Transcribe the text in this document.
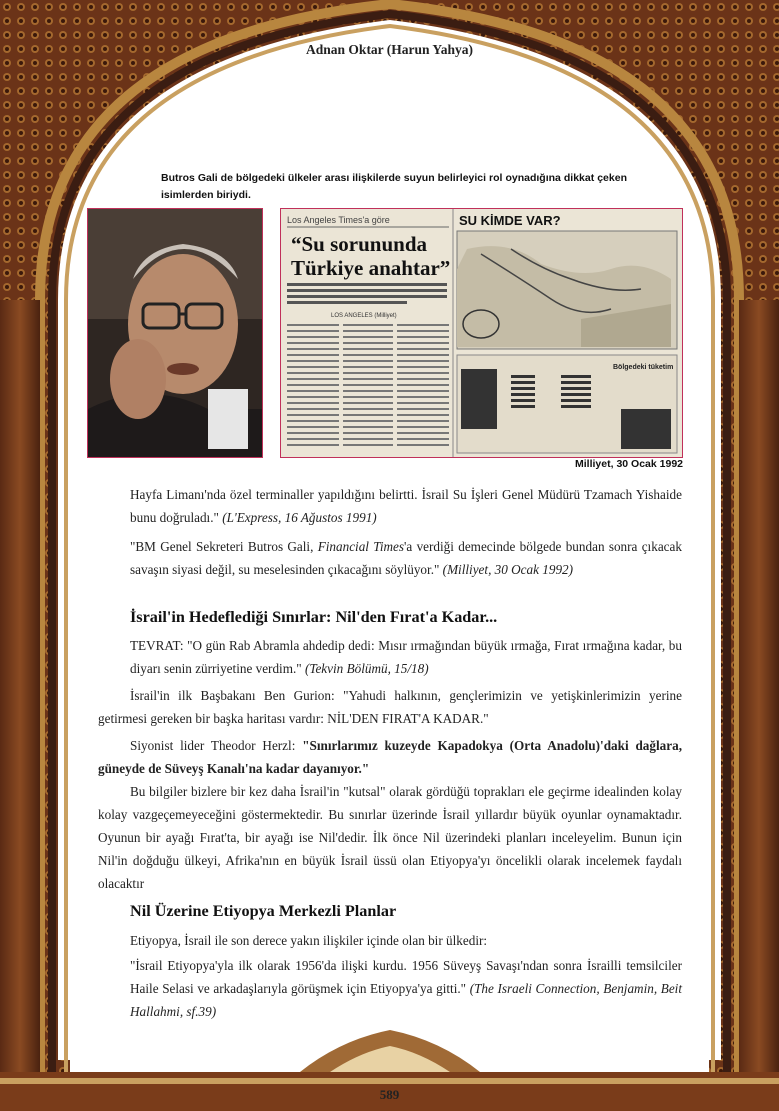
Adnan Oktar (Harun Yahya)
Butros Gali de bölgedeki ülkeler arası ilişkilerde suyun belirleyici rol oynadığına dikkat çeken isimlerden biriydi.
Los Angeles Times'a göre
“Su sorununda
Türkiye anahtar”
LOS ANGELES (Milliyet)
SU KİMDE VAR?
Bölgedeki tüketim
Milliyet, 30 Ocak 1992

Hayfa Limanı'nda özel terminaller yapıldığını belirtti. İsrail Su İşleri Genel Müdürü Tzamach Yishaide bunu doğruladı." (L'Express, 16 Ağustos 1991)

"BM Genel Sekreteri Butros Gali, Financial Times'a verdiği demecinde bölgede bundan sonra çıkacak savaşın siyasi değil, su meselesinden çıkacağını söylüyor." (Milliyet, 30 Ocak 1992)

İsrail'in Hedeflediği Sınırlar: Nil'den Fırat'a Kadar...

TEVRAT: "O gün Rab Abramla ahdedip dedi: Mısır ırmağından büyük ırmağa, Fırat ırmağına kadar, bu diyarı senin zürriyetine verdim." (Tekvin Bölümü, 15/18)

İsrail'in ilk Başbakanı Ben Gurion: "Yahudi halkının, gençlerimizin ve yetişkinlerimizin yerine getirmesi gereken bir başka haritası vardır: NİL'DEN FIRAT'A KADAR."

Siyonist lider Theodor Herzl: "Sınırlarımız kuzeyde Kapadokya (Orta Anadolu)'daki dağlara, güneyde de Süveyş Kanalı'na kadar dayanıyor."

Bu bilgiler bizlere bir kez daha İsrail'in "kutsal" olarak gördüğü toprakları ele geçirme idealinden kolay kolay vazgeçemeyeceğini göstermektedir. Bu sınırlar üzerinde İsrail yıllardır büyük oyunlar oynamaktadır. Oyunun bir ayağı Fırat'ta, bir ayağı ise Nil'dedir. İlk önce Nil üzerindeki planları inceleyelim. Bunun için Nil'in doğduğu ülkeyi, Afrika'nın en büyük İsrail üssü olan Etiyopya'yı öncelikli olarak incelemek faydalı olacaktır

Nil Üzerine Etiyopya Merkezli Planlar

Etiyopya, İsrail ile son derece yakın ilişkiler içinde olan bir ülkedir:

"İsrail Etiyopya'yla ilk olarak 1956'da ilişki kurdu. 1956 Süveyş Savaşı'ndan sonra İsrailli temsilciler Haile Selasi ve arkadaşlarıyla görüşmek için Etiyopya'ya gitti." (The Israeli Connection, Benjamin, Beit Hallahmi, sf.39)

589
